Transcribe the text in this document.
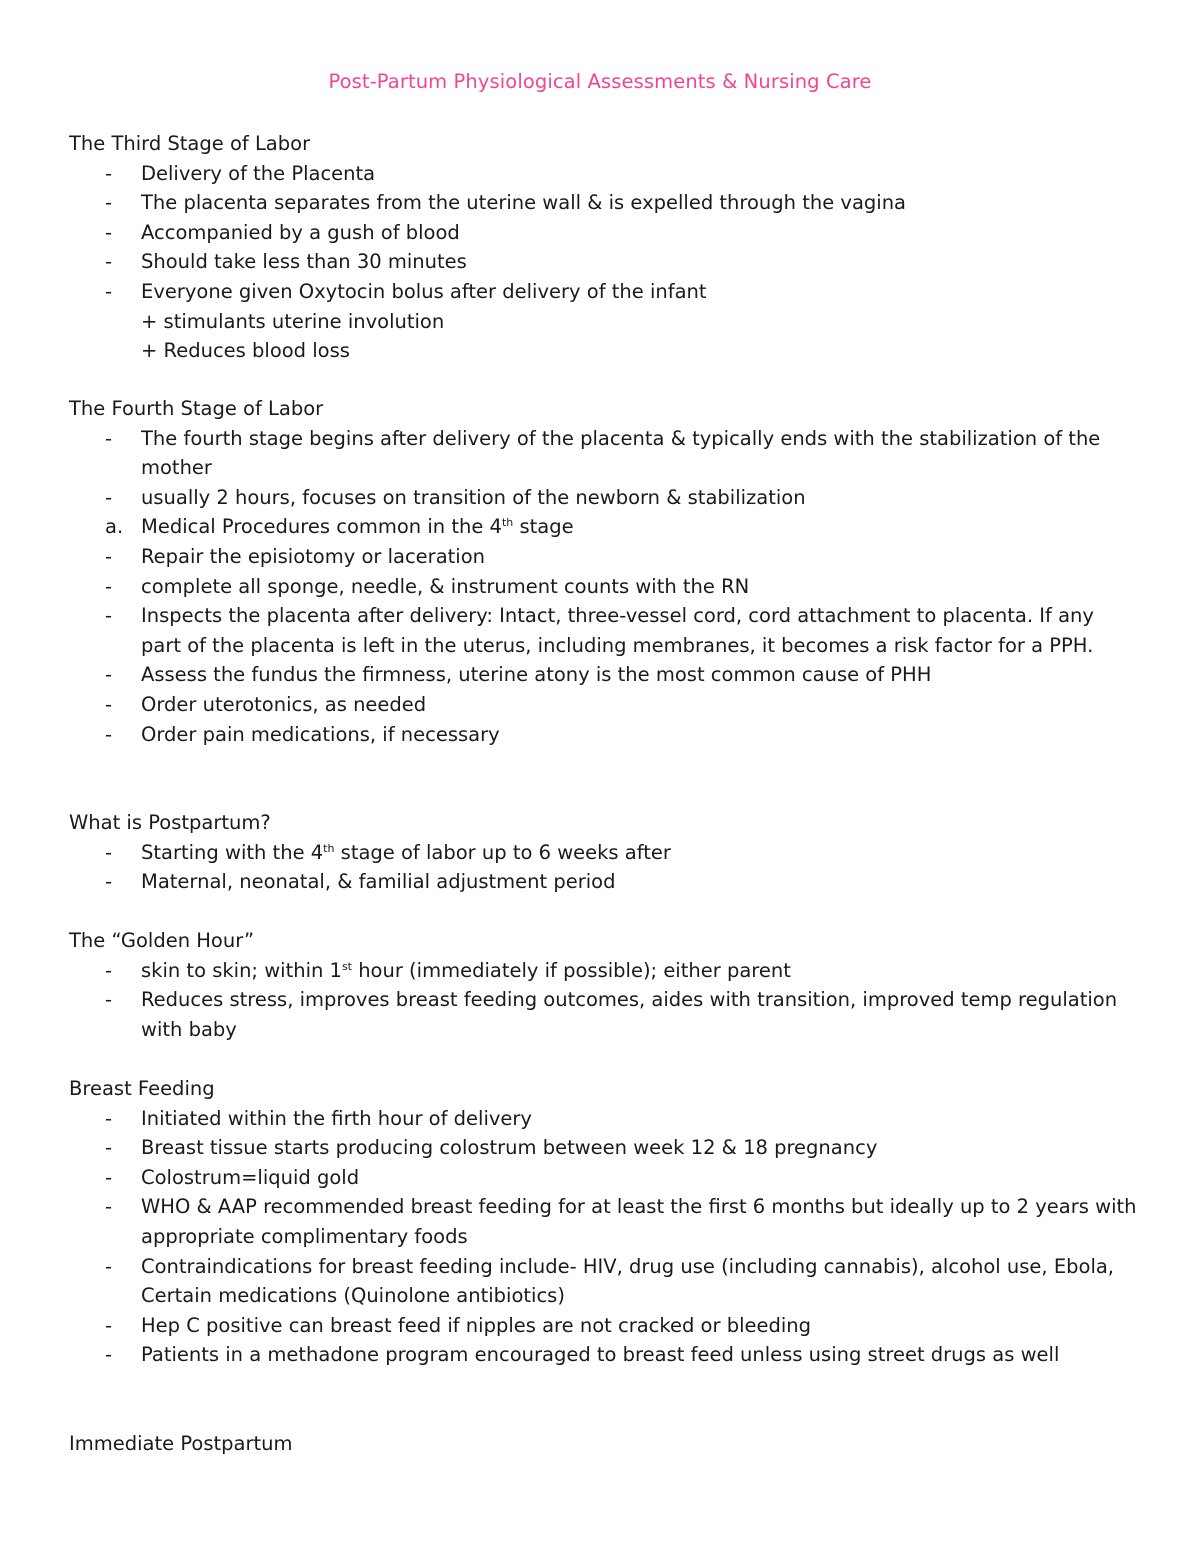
Post-Partum Physiological Assessments & Nursing Care
The Third Stage of Labor
- Delivery of the Placenta
- The placenta separates from the uterine wall & is expelled through the vagina
- Accompanied by a gush of blood
- Should take less than 30 minutes
- Everyone given Oxytocin bolus after delivery of the infant
+ stimulants uterine involution
+ Reduces blood loss
The Fourth Stage of Labor
- The fourth stage begins after delivery of the placenta & typically ends with the stabilization of the mother
- usually 2 hours, focuses on transition of the newborn & stabilization
a. Medical Procedures common in the 4th stage
- Repair the episiotomy or laceration
- complete all sponge, needle, & instrument counts with the RN
- Inspects the placenta after delivery: Intact, three-vessel cord, cord attachment to placenta. If any part of the placenta is left in the uterus, including membranes, it becomes a risk factor for a PPH.
- Assess the fundus the firmness, uterine atony is the most common cause of PHH
- Order uterotonics, as needed
- Order pain medications, if necessary
What is Postpartum?
- Starting with the 4th stage of labor up to 6 weeks after
- Maternal, neonatal, & familial adjustment period
The “Golden Hour”
- skin to skin; within 1st hour (immediately if possible); either parent
- Reduces stress, improves breast feeding outcomes, aides with transition, improved temp regulation with baby
Breast Feeding
- Initiated within the firth hour of delivery
- Breast tissue starts producing colostrum between week 12 & 18 pregnancy
- Colostrum=liquid gold
- WHO & AAP recommended breast feeding for at least the first 6 months but ideally up to 2 years with appropriate complimentary foods
- Contraindications for breast feeding include- HIV, drug use (including cannabis), alcohol use, Ebola, Certain medications (Quinolone antibiotics)
- Hep C positive can breast feed if nipples are not cracked or bleeding
- Patients in a methadone program encouraged to breast feed unless using street drugs as well
Immediate Postpartum
